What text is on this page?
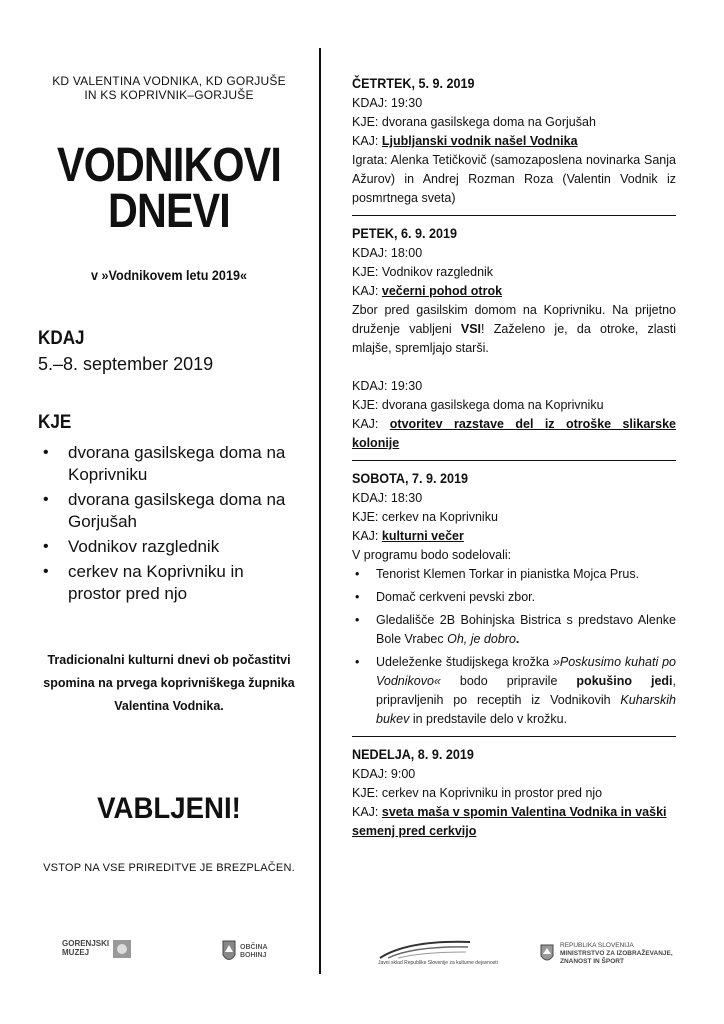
KD VALENTINA VODNIKA, KD GORJUŠE
IN KS KOPRIVNIK–GORJUŠE
VODNIKOVI
DNEVI
v »Vodnikovem letu 2019«
KDAJ
5.–8. september 2019
KJE
• dvorana gasilskega doma na Koprivniku
• dvorana gasilskega doma na Gorjušah
• Vodnikov razglednik
• cerkev na Koprivniku in prostor pred njo
Tradicionalni kulturni dnevi ob počastitvi spomina na prvega koprivniškega župnika Valentina Vodnika.
VABLJENI!
VSTOP NA VSE PRIREDITVE JE BREZPLAČEN.
ČETRTEK, 5. 9. 2019
KDAJ: 19:30
KJE: dvorana gasilskega doma na Gorjušah
KAJ: Ljubljanski vodnik našel Vodnika
Igrata: Alenka Tetičkovič (samozaposlena novinarka Sanja Ažurov) in Andrej Rozman Roza (Valentin Vodnik iz posmrtnega sveta)
PETEK, 6. 9. 2019
KDAJ: 18:00
KJE: Vodnikov razglednik
KAJ: večerni pohod otrok
Zbor pred gasilskim domom na Koprivniku. Na prijetno druženje vabljeni VSI! Zaželeno je, da otroke, zlasti mlajše, spremljajo starši.
KDAJ: 19:30
KJE: dvorana gasilskega doma na Koprivniku
KAJ: otvoritev razstave del iz otroške slikarske kolonije
SOBOTA, 7. 9. 2019
KDAJ: 18:30
KJE: cerkev na Koprivniku
KAJ: kulturni večer
V programu bodo sodelovali:
• Tenorist Klemen Torkar in pianistka Mojca Prus.
• Domač cerkveni pevski zbor.
• Gledališče 2B Bohinjska Bistrica s predstavo Alenke Bole Vrabec Oh, je dobro.
• Udeleženke študijskega krožka »Poskusimo kuhati po Vodnikovo« bodo pripravile pokušino jedi, pripravljenih po receptih iz Vodnikovih Kuharskih bukev in predstavile delo v krožku.
NEDELJA, 8. 9. 2019
KDAJ: 9:00
KJE: cerkev na Koprivniku in prostor pred njo
KAJ: sveta maša v spomin Valentina Vodnika in vaški semenj pred cerkvijo
GORENJSKI
MUZEJ
OBČINA
BOHINJ
Javni sklad Republike Slovenije za kulturne dejavnosti
REPUBLIKA SLOVENIJA
MINISTRSTVO ZA IZOBRAŽEVANJE,
ZNANOST IN ŠPORT
